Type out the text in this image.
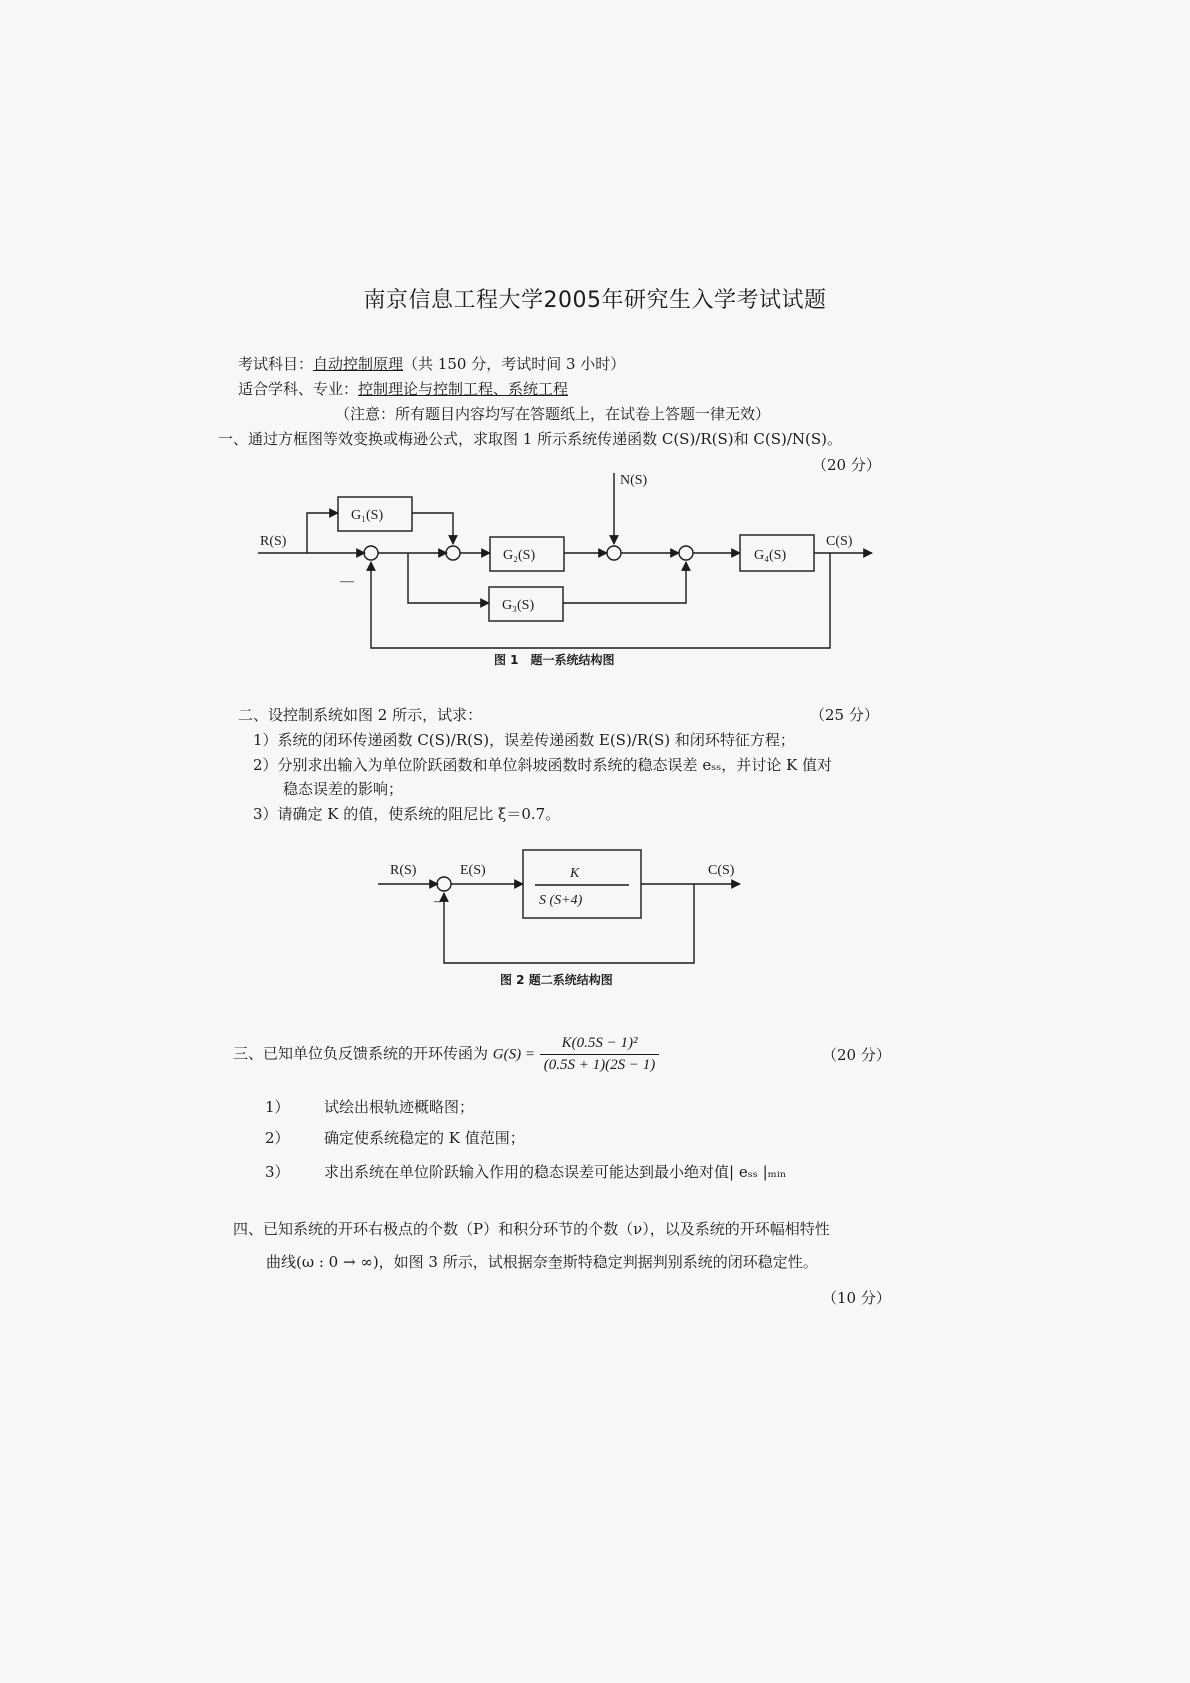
南京信息工程大学2005年研究生入学考试试题
考试科目：自动控制原理（共 150 分，考试时间 3 小时）
适合学科、专业：控制理论与控制工程、系统工程
（注意：所有题目内容均写在答题纸上，在试卷上答题一律无效）
一、通过方框图等效变换或梅逊公式，求取图 1 所示系统传递函数 C(S)/R(S)和 C(S)/N(S)。
（20 分）
R(S)	C(S)
N(S)
—
G₁(S)
G₂(S)
G₃(S)
G₄(S)
图 1　题一系统结构图
R(S)	E(S)	C(S)
–
K
S (S+4)
图 2 题二系统结构图
二、设控制系统如图 2 所示，试求：	（25 分）
1）系统的闭环传递函数 C(S)/R(S)，误差传递函数 E(S)/R(S) 和闭环特征方程；
2）分别求出输入为单位阶跃函数和单位斜坡函数时系统的稳态误差 eₛₛ，并讨论 K 值对
稳态误差的影响；
3）请确定 K 的值，使系统的阻尼比 ξ＝0.7。
三、已知单位负反馈系统的开环传函为 $G(S) = \frac{\text{K(0.5S − 1)²}}{(0.5S + 1)(2S - 1)}$	（20 分）
1） 试绘出根轨迹概略图；
2） 确定使系统稳定的 K 值范围；
3） 求出系统在单位阶跃输入作用的稳态误差可能达到最小绝对值| eₛₛ |ₘᵢₙ
四、已知系统的开环右极点的个数（P）和积分环节的个数（ν），以及系统的开环幅相特性
曲线(ω : 0 → ∞)，如图 3 所示，试根据奈奎斯特稳定判据判别系统的闭环稳定性。
（10 分）
